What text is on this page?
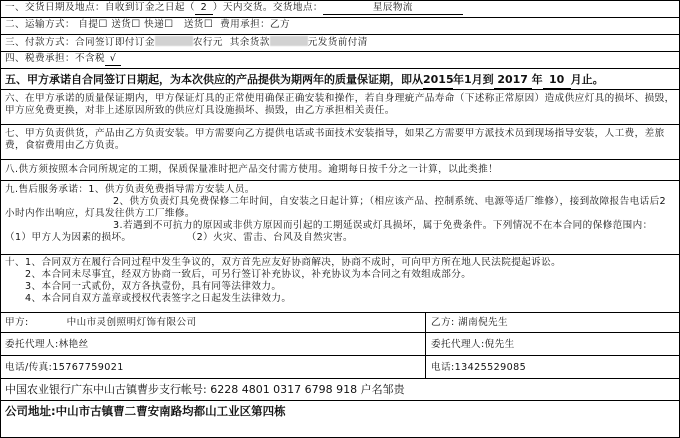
一、交货日期及地点：自收到订金之日起（ 2 ）天内交货。交货地点：	星辰物流
二、运输方式： 自提☐ 送货☐ 快递☐ 送货☐ 费用承担：乙方
三、付款方式：合同签订即付订金	农行元 其余货款	元发货前付清
四、税费承担：不含税 √
五、甲方承诺自合同签订日期起，为本次供应的产品提供为期两年的质量保证期，即从2015年1月到 2017 年 10 月止。
六、在甲方承诺的质量保证期内，甲方保证灯具的正常使用确保正确安装和操作，若自身理疵产品寿命（下述称正常原因）造成供应灯具的损坏、损毁，甲方应免费更换，对非上述原因所致的供应灯具设施损坏、损毁，由乙方承担相关责任。
七、甲方负责供货，产品由乙方负责安装。甲方需要向乙方提供电话或书面技术安装指导，如果乙方需要甲方派技术员到现场指导安装，人工费，差旅费，食宿费用由乙方负责。
八.供方须按照本合同所规定的工期，保质保量准时把产品交付需方使用。逾期每日按千分之一计算，以此类推！
九.售后服务承诺：1、供方负责免费指导需方安装人员。
2、供方负责灯具免费保修二年时间，自安装之日起计算；（相应该产品、控制系统、电源等适厂维修），接到故障报告电话后2小时内作出响应，灯具发往供方工厂维修。
3.若遇到不可抗力的原因或非供方原因而引起的工期延误或灯具损坏，属于免费条件。下列情况不在本合同的保修范围内：
（1）甲方人为因素的损坏。	（2）火灾、雷击、台风及自然灾害。
十、1、合同双方在履行合同过程中发生争议的，双方首先应友好协商解决，协商不成时，可向甲方所在地人民法院提起诉讼。
2、本合同未尽事宜，经双方协商一致后，可另行签订补充协议，补充协议为本合同之有效组成部分。
3、本合同一式贰份，双方各执壹份，具有同等法律效力。
4、本合同自双方盖章或授权代表签字之日起发生法律效力。
甲方:	中山市灵创照明灯饰有限公司	乙方: 湖南倪先生
委托代理人:林艳丝	委托代理人:倪先生
电话/传真:15767759021	电话:13425529085
中国农业银行广东中山古镇曹步支行帐号: 6228 4801 0317 6798 918 户名邹贵
公司地址:中山市古镇曹二曹安南路均都山工业区第四栋
